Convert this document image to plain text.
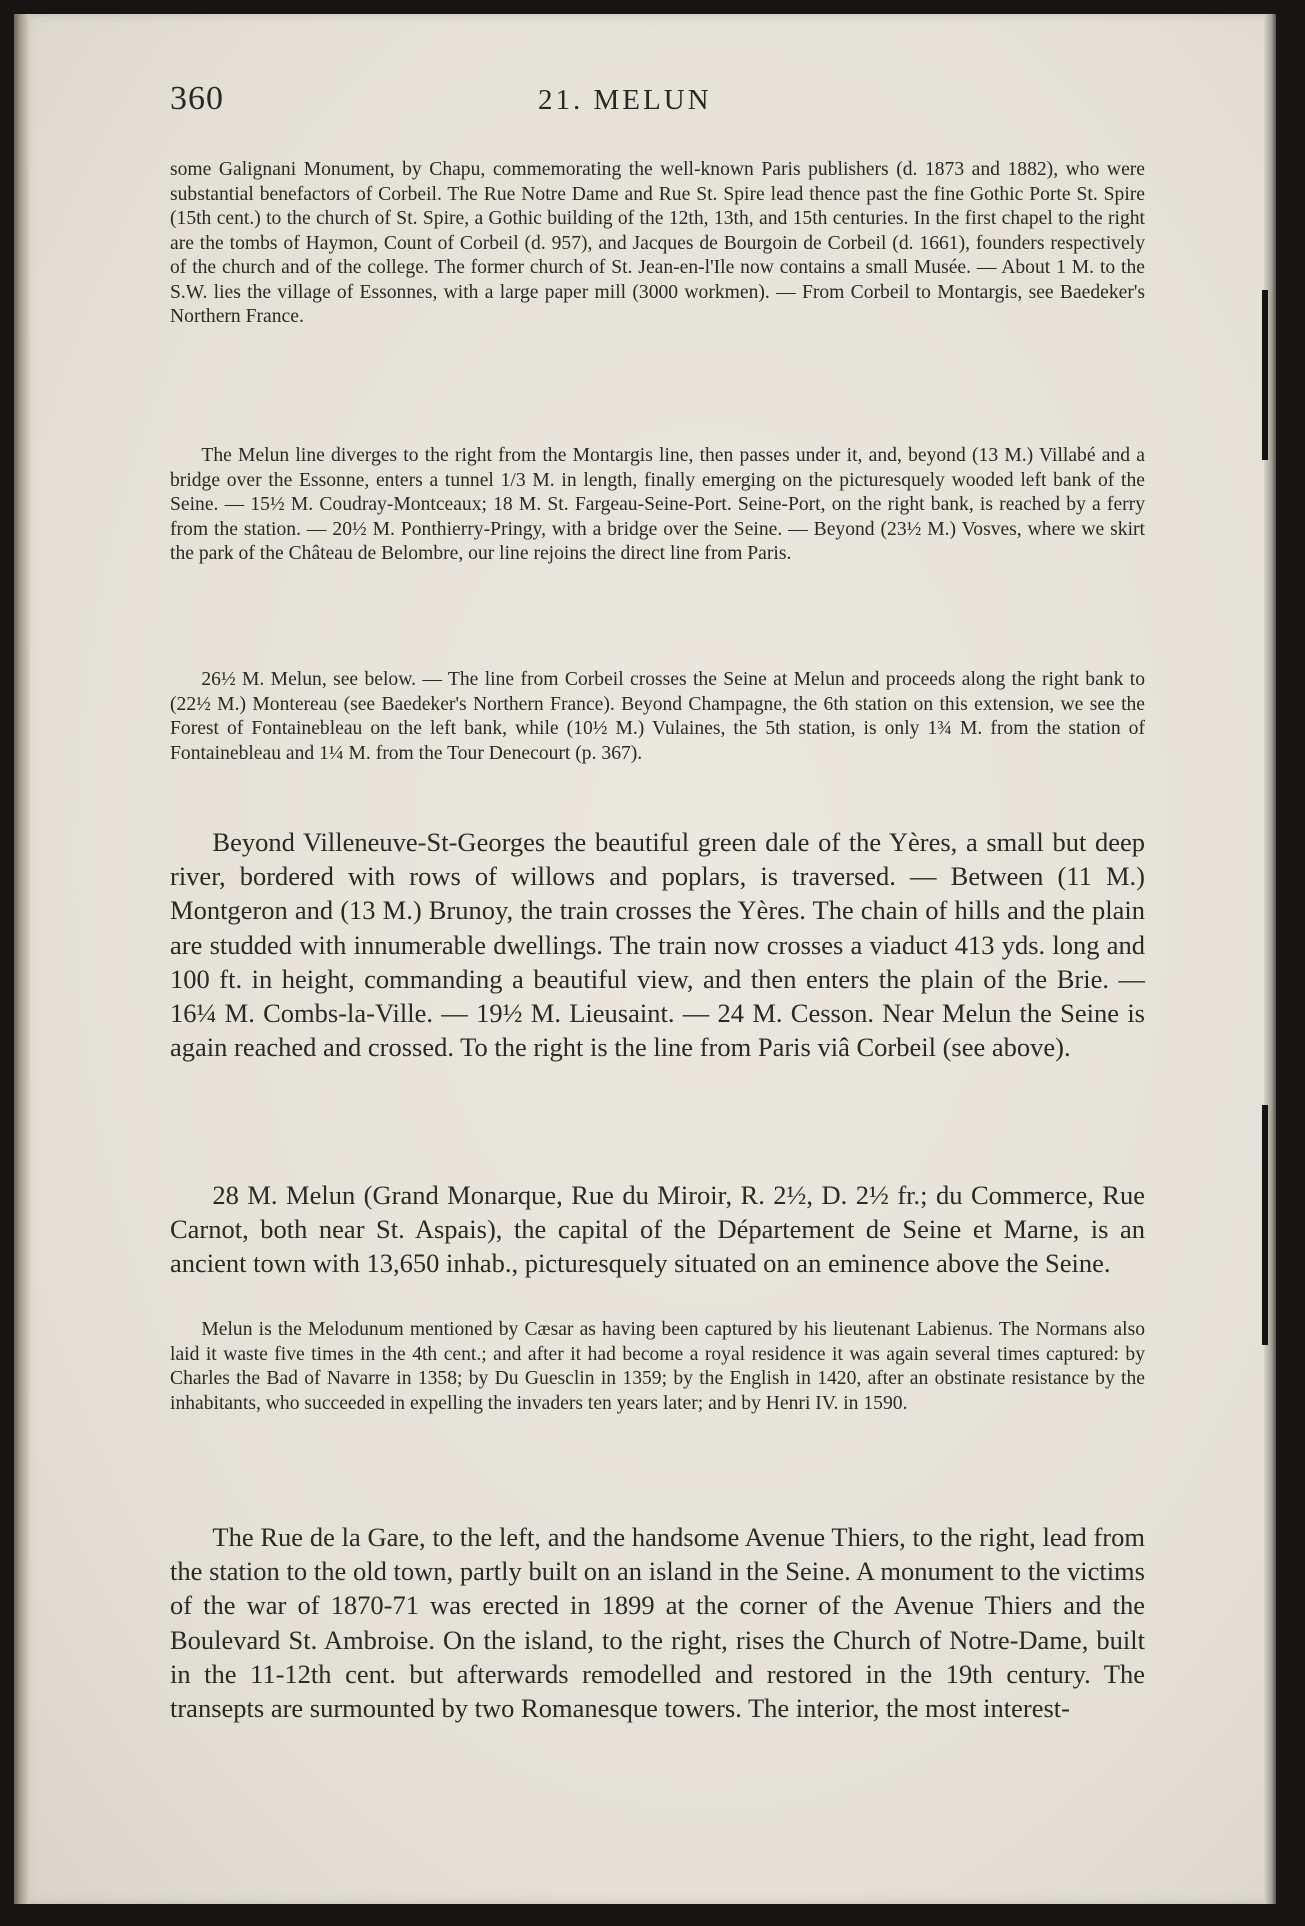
360	21. MELUN

some Galignani Monument, by Chapu, commemorating the well-known Paris publishers (d. 1873 and 1882), who were substantial benefactors of Corbeil. The Rue Notre Dame and Rue St. Spire lead thence past the fine Gothic Porte St. Spire (15th cent.) to the church of St. Spire, a Gothic building of the 12th, 13th, and 15th centuries. In the first chapel to the right are the tombs of Haymon, Count of Corbeil (d. 957), and Jacques de Bourgoin de Corbeil (d. 1661), founders respectively of the church and of the college. The former church of St. Jean-en-l'Ile now contains a small Musée. — About 1 M. to the S.W. lies the village of Essonnes, with a large paper mill (3000 workmen). — From Corbeil to Montargis, see Baedeker's Northern France.

The Melun line diverges to the right from the Montargis line, then passes under it, and, beyond (13 M.) Villabé and a bridge over the Essonne, enters a tunnel 1/3 M. in length, finally emerging on the picturesquely wooded left bank of the Seine. — 15½ M. Coudray-Montceaux; 18 M. St. Fargeau-Seine-Port. Seine-Port, on the right bank, is reached by a ferry from the station. — 20½ M. Ponthierry-Pringy, with a bridge over the Seine. — Beyond (23½ M.) Vosves, where we skirt the park of the Château de Belombre, our line rejoins the direct line from Paris.

26½ M. Melun, see below. — The line from Corbeil crosses the Seine at Melun and proceeds along the right bank to (22½ M.) Montereau (see Baedeker's Northern France). Beyond Champagne, the 6th station on this extension, we see the Forest of Fontainebleau on the left bank, while (10½ M.) Vulaines, the 5th station, is only 1¾ M. from the station of Fontainebleau and 1¼ M. from the Tour Denecourt (p. 367).

Beyond Villeneuve-St-Georges the beautiful green dale of the Yères, a small but deep river, bordered with rows of willows and poplars, is traversed. — Between (11 M.) Montgeron and (13 M.) Brunoy, the train crosses the Yères. The chain of hills and the plain are studded with innumerable dwellings. The train now crosses a viaduct 413 yds. long and 100 ft. in height, commanding a beautiful view, and then enters the plain of the Brie. — 16¼ M. Combs-la-Ville. — 19½ M. Lieusaint. — 24 M. Cesson. Near Melun the Seine is again reached and crossed. To the right is the line from Paris viâ Corbeil (see above).

28 M. Melun (Grand Monarque, Rue du Miroir, R. 2½, D. 2½ fr.; du Commerce, Rue Carnot, both near St. Aspais), the capital of the Département de Seine et Marne, is an ancient town with 13,650 inhab., picturesquely situated on an eminence above the Seine.

Melun is the Melodunum mentioned by Cæsar as having been captured by his lieutenant Labienus. The Normans also laid it waste five times in the 4th cent.; and after it had become a royal residence it was again several times captured: by Charles the Bad of Navarre in 1358; by Du Guesclin in 1359; by the English in 1420, after an obstinate resistance by the inhabitants, who succeeded in expelling the invaders ten years later; and by Henri IV. in 1590.

The Rue de la Gare, to the left, and the handsome Avenue Thiers, to the right, lead from the station to the old town, partly built on an island in the Seine. A monument to the victims of the war of 1870-71 was erected in 1899 at the corner of the Avenue Thiers and the Boulevard St. Ambroise. On the island, to the right, rises the Church of Notre-Dame, built in the 11-12th cent. but afterwards remodelled and restored in the 19th century. The transepts are surmounted by two Romanesque towers. The interior, the most interest-
